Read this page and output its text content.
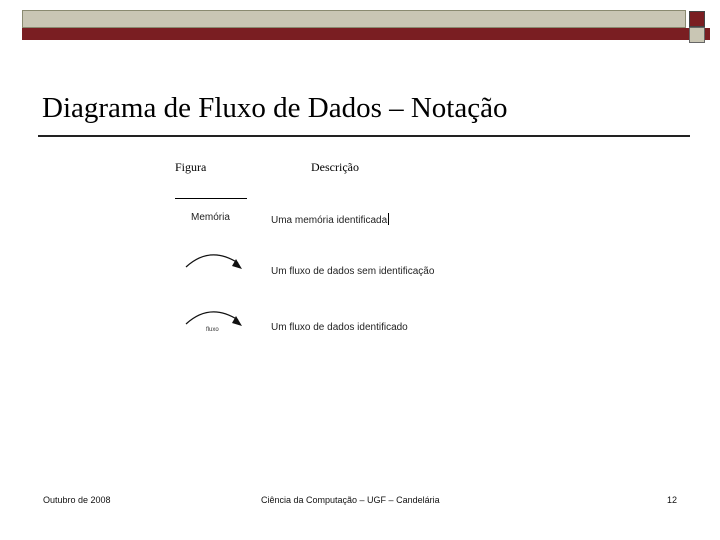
Diagrama de Fluxo de Dados – Notação
Figura	Descrição
Memória	Uma memória identificada
Um fluxo de dados sem identificação
fluxo	Um fluxo de dados identificado
Outubro de 2008	Ciência da Computação – UGF – Candelária	12
